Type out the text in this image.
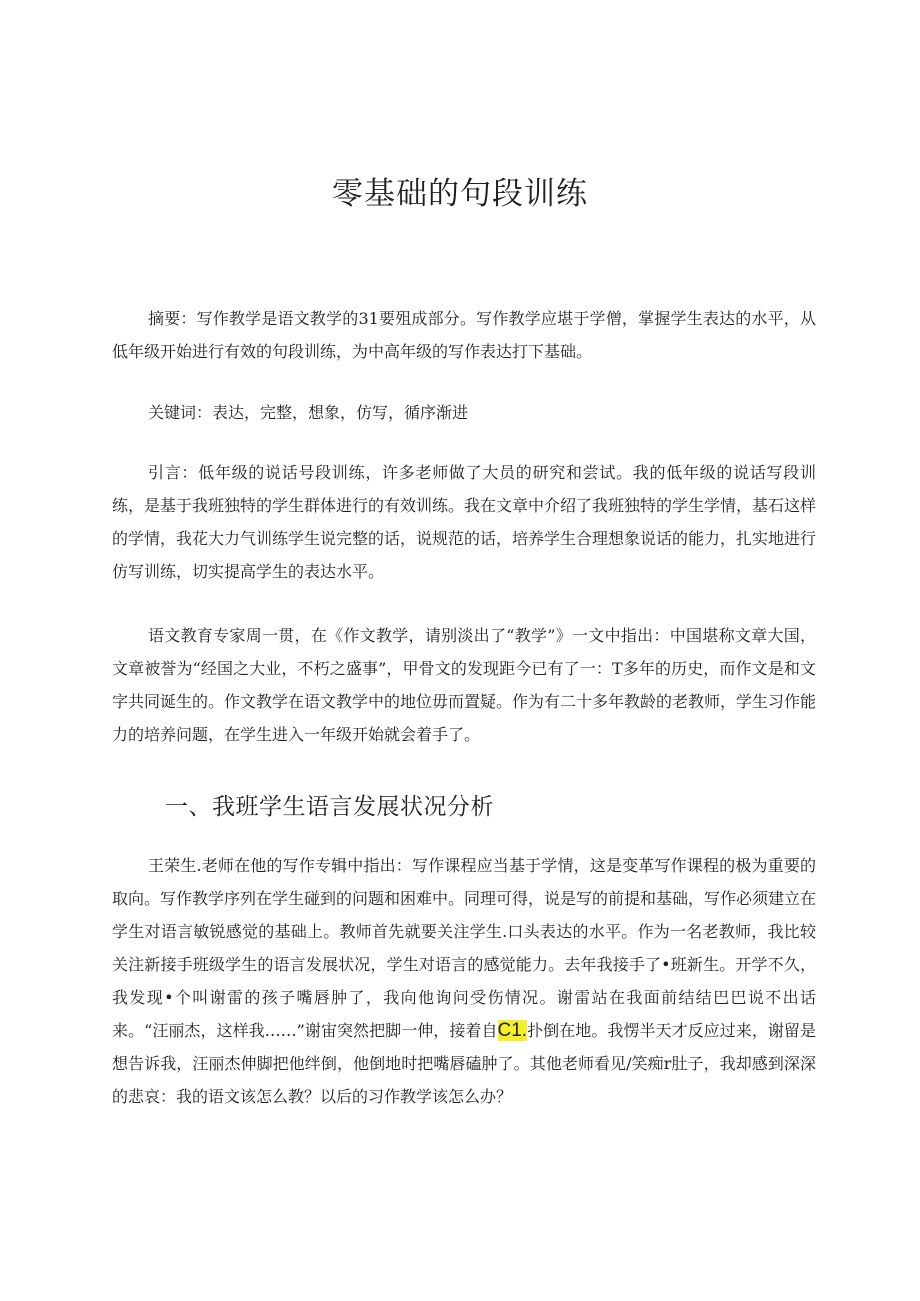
零基础的句段训练

摘要：写作教学是语文教学的31要殂成部分。写作教学应堪于学僧，掌握学生表达的水平，从低年级开始进行有效的句段训练，为中高年级的写作表达打下基础。

关键词：表达，完整，想象，仿写，循序渐进

引言：低年级的说话号段训练，许多老师做了大员的研究和尝试。我的低年级的说话写段训练，是基于我班独特的学生群体进行的有效训练。我在文章中介绍了我班独特的学生学情，基石这样的学情，我花大力气训练学生说完整的话，说规范的话，培养学生合理想象说话的能力，扎实地进行仿写训练，切实提高学生的表达水平。

语文教育专家周一贯，在《作文教学，请别淡出了“教学”》一文中指出：中国堪称文章大国，文章被誉为“经国之大业，不朽之盛事”，甲骨文的发现距今已有了一：T多年的历史，而作文是和文字共同诞生的。作文教学在语文教学中的地位毋而置疑。作为有二十多年教龄的老教师，学生习作能力的培养问题，在学生进入一年级开始就会着手了。

一、我班学生语言发展状况分析

王荣生.老师在他的写作专辑中指出：写作课程应当基于学情，这是变革写作课程的极为重要的取向。写作教学序列在学生碰到的问题和困难中。同理可得，说是写的前提和基础，写作必须建立在学生对语言敏锐感觉的基础上。教师首先就要关注学生.口头表达的水平。作为一名老教师，我比较关注新接手班级学生的语言发展状况，学生对语言的感觉能力。去年我接手了•班新生。开学不久，我发现•个叫谢雷的孩子嘴唇肿了，我向他询问受伤情况。谢雷站在我面前结结巴巴说不出话来。“汪丽杰，这样我……”谢宙突然把脚一伸，接着自C1.扑倒在地。我愣半天才反应过来，谢留是想告诉我，汪丽杰伸脚把他绊倒，他倒地时把嘴唇磕肿了。其他老师看见/笑痴r肚子，我却感到深深的悲哀：我的语文该怎么教？以后的习作教学该怎么办？
